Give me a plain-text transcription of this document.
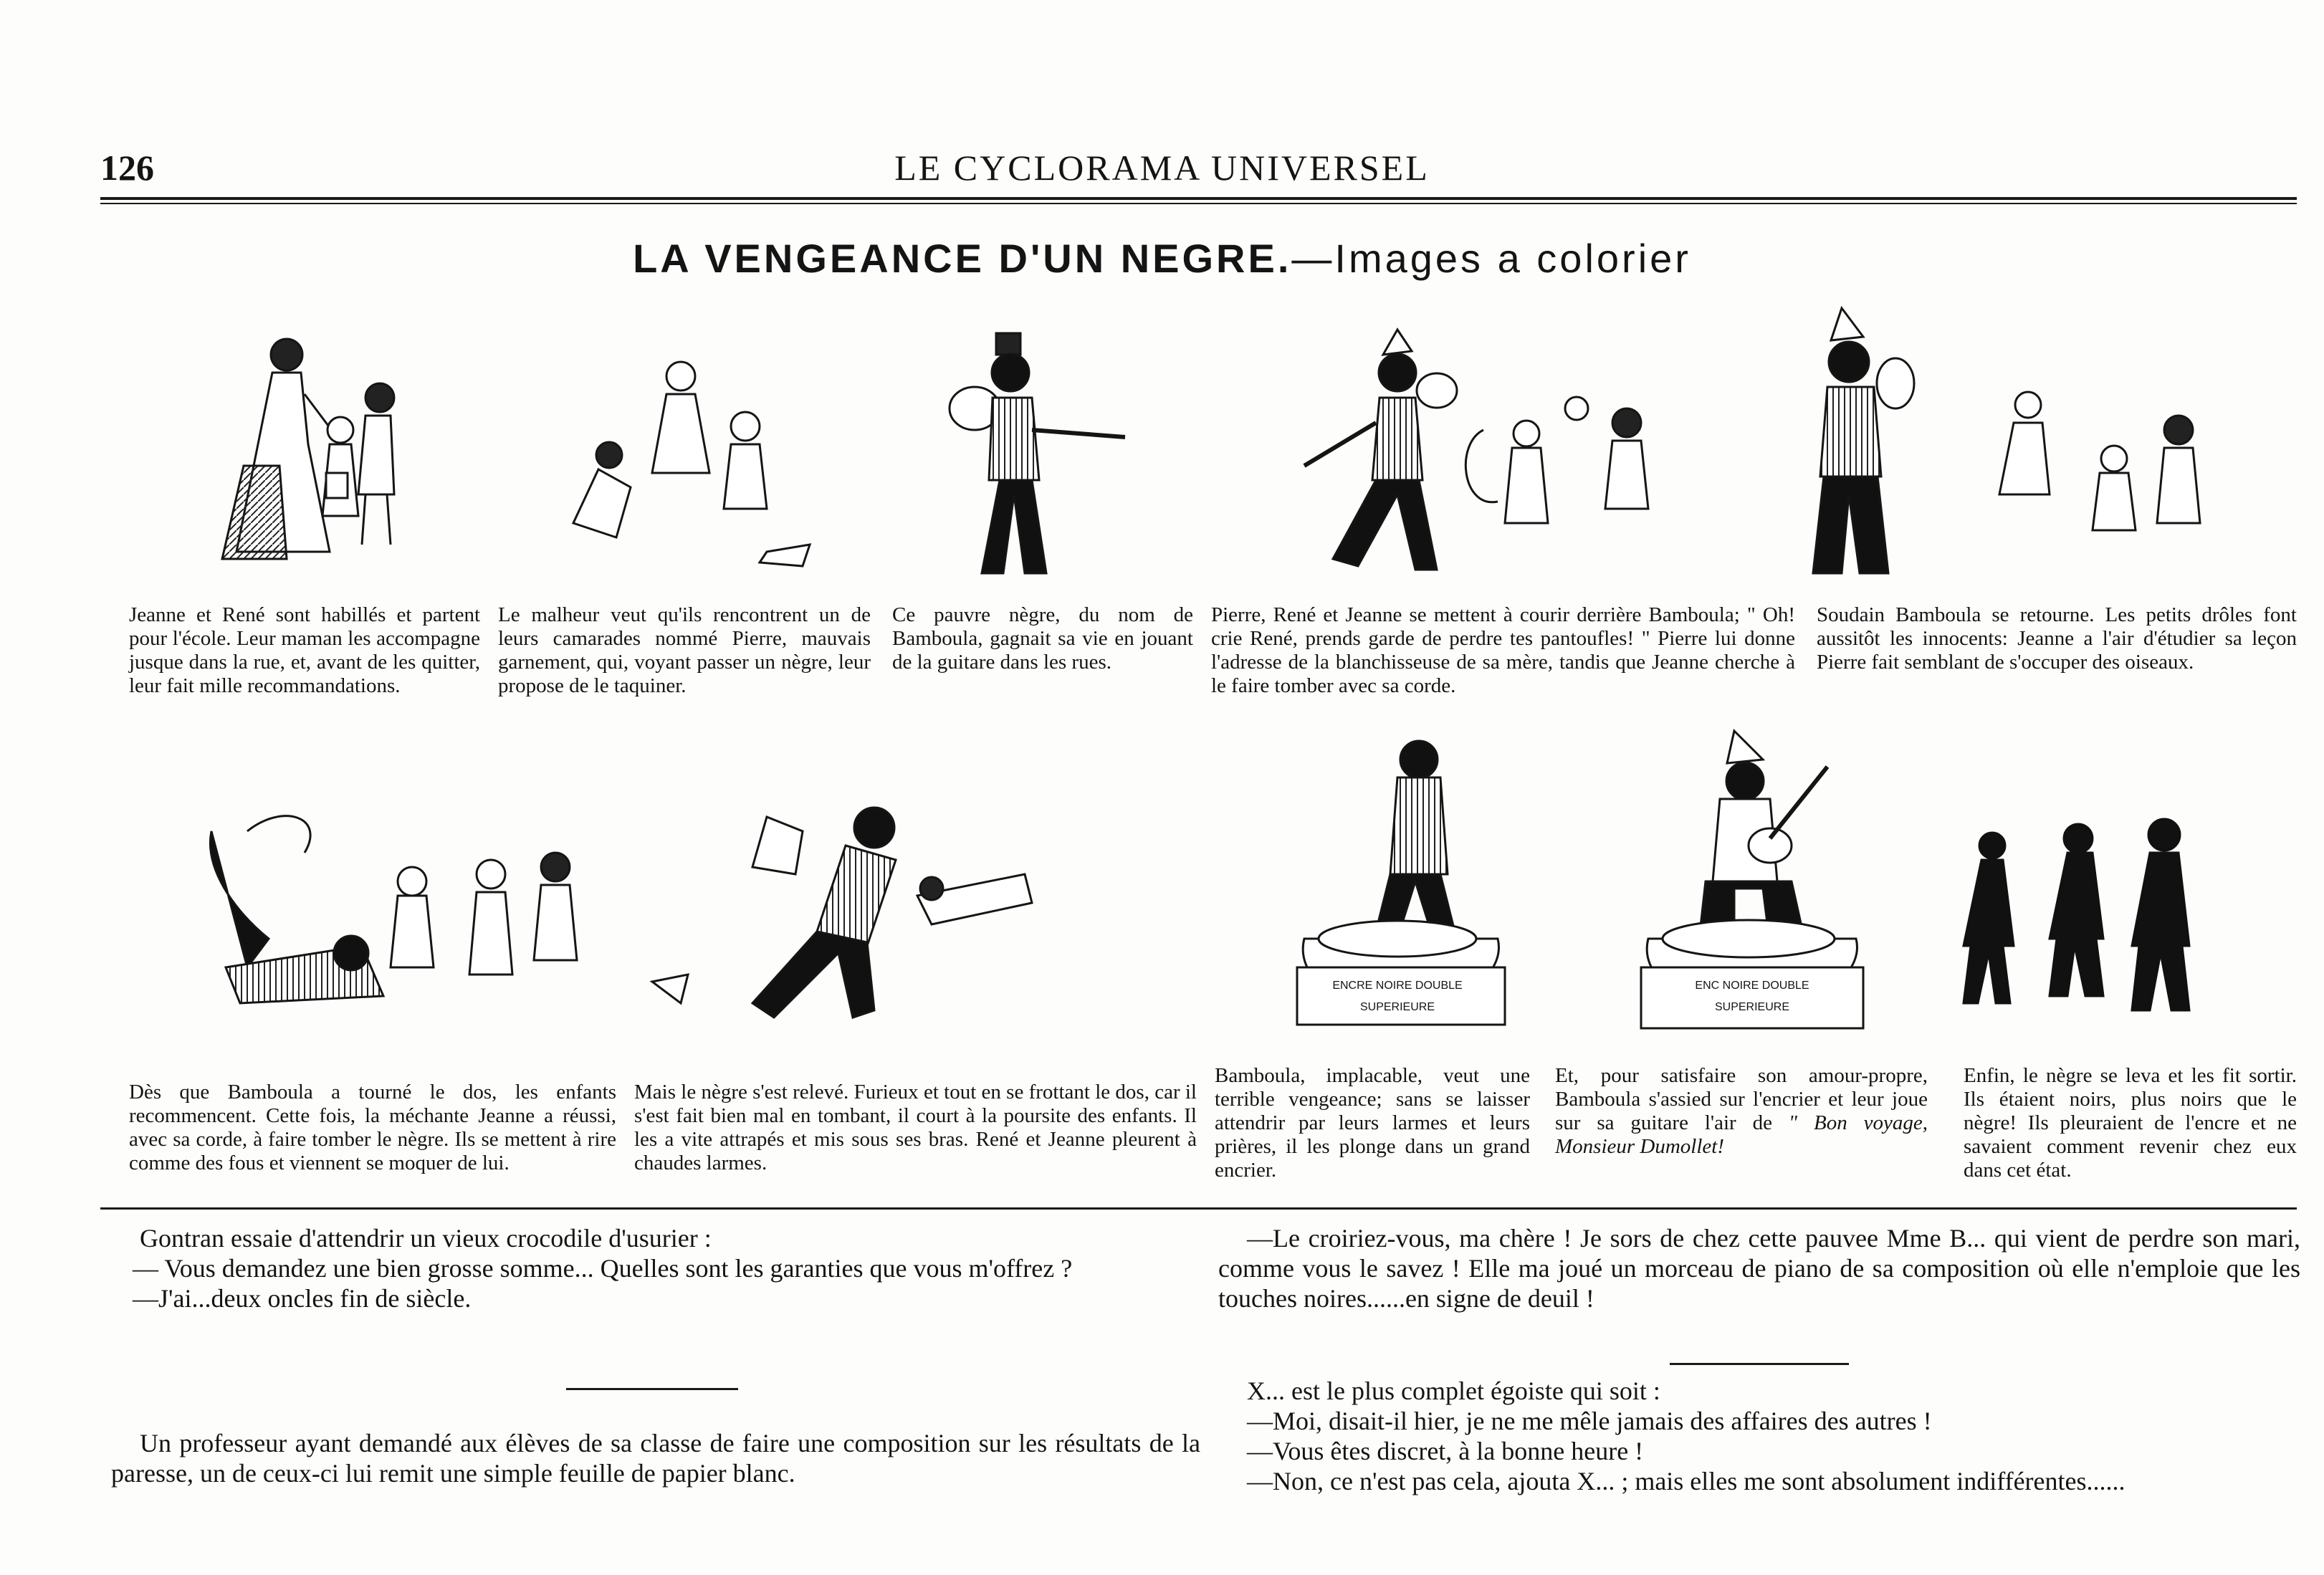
126	LE CYCLORAMA UNIVERSEL
LA VENGEANCE D'UN NEGRE.—Images a colorier
Jeanne et René sont habillés et partent pour l'école. Leur maman les accompagne jusque dans la rue, et, avant de les quitter, leur fait mille recommandations.
Le malheur veut qu'ils rencontrent un de leurs camarades nommé Pierre, mauvais garnement, qui, voyant passer un nègre, leur propose de le taquiner.
Ce pauvre nègre, du nom de Bamboula, gagnait sa vie en jouant de la guitare dans les rues.
Pierre, René et Jeanne se mettent à courir derrière Bamboula; " Oh! crie René, prends garde de perdre tes pantoufles! " Pierre lui donne l'adresse de la blanchisseuse de sa mère, tandis que Jeanne cherche à le faire tomber avec sa corde.
Soudain Bamboula se retourne. Les petits drôles font aussitôt les innocents: Jeanne a l'air d'étudier sa leçon Pierre fait semblant de s'occuper des oiseaux.
ENCRE NOIRE DOUBLE
SUPERIEURE
ENC NOIRE DOUBLE
SUPERIEURE
Dès que Bamboula a tourné le dos, les enfants recommencent. Cette fois, la méchante Jeanne a réussi, avec sa corde, à faire tomber le nègre. Ils se mettent à rire comme des fous et viennent se moquer de lui.
Mais le nègre s'est relevé. Furieux et tout en se frottant le dos, car il s'est fait bien mal en tombant, il court à la poursite des enfants. Il les a vite attrapés et mis sous ses bras. René et Jeanne pleurent à chaudes larmes.
Bamboula, implacable, veut une terrible vengeance; sans se laisser attendrir par leurs larmes et leurs prières, il les plonge dans un grand encrier.
Et, pour satisfaire son amour-propre, Bamboula s'assied sur l'encrier et leur joue sur sa guitare l'air de " Bon voyage, Monsieur Dumollet!
Enfin, le nègre se leva et les fit sortir. Ils étaient noirs, plus noirs que le nègre! Ils pleuraient de l'encre et ne savaient comment revenir chez eux dans cet état.
Gontran essaie d'attendrir un vieux crocodile d'usurier :
— Vous demandez une bien grosse somme... Quelles sont les garanties que vous m'offrez ?
—J'ai...deux oncles fin de siècle.
Un professeur ayant demandé aux élèves de sa classe de faire une composition sur les résultats de la paresse, un de ceux-ci lui remit une simple feuille de papier blanc.
—Le croiriez-vous, ma chère ! Je sors de chez cette pauvee Mme B... qui vient de perdre son mari, comme vous le savez ! Elle ma joué un morceau de piano de sa composition où elle n'emploie que les touches noires......en signe de deuil !
X... est le plus complet égoiste qui soit :
—Moi, disait-il hier, je ne me mêle jamais des affaires des autres !
—Vous êtes discret, à la bonne heure !
—Non, ce n'est pas cela, ajouta X... ; mais elles me sont absolument indifférentes......
